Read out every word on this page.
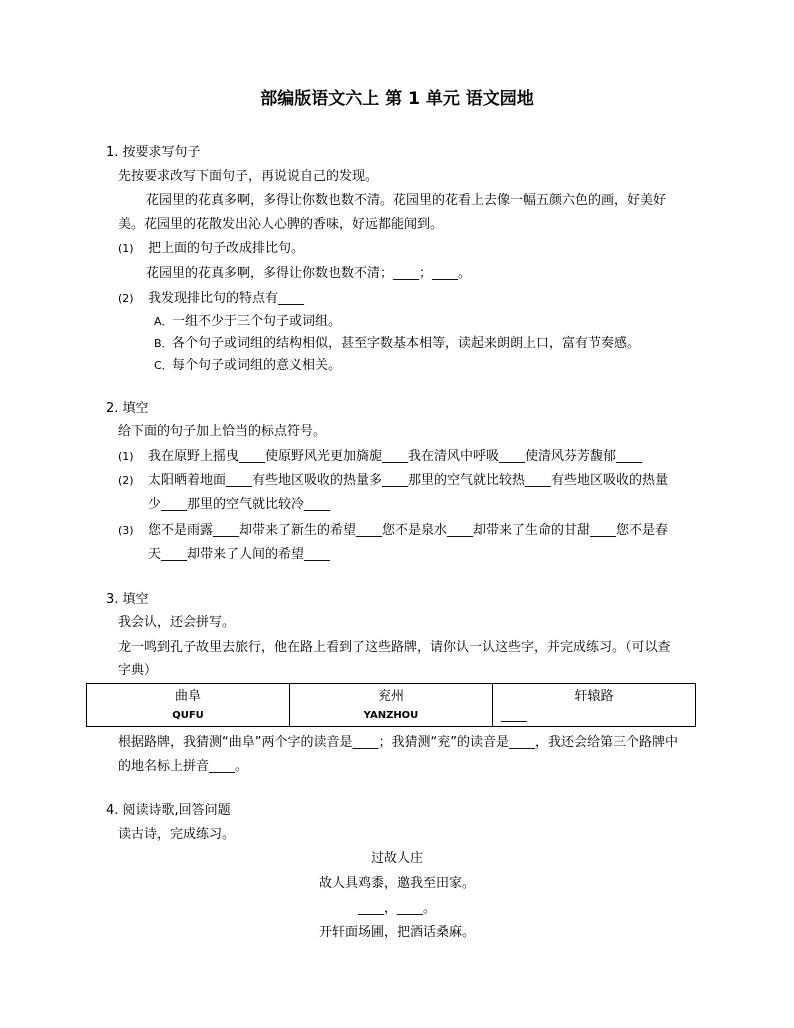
部编版语文六上 第 1 单元 语文园地
1. 按要求写句子
先按要求改写下面句子，再说说自己的发现。
花园里的花真多啊，多得让你数也数不清。花园里的花看上去像一幅五颜六色的画，好美好
美。花园里的花散发出沁人心脾的香味，好远都能闻到。
(1) 把上面的句子改成排比句。
花园里的花真多啊，多得让你数也数不清；____；____。
(2) 我发现排比句的特点有____
A．一组不少于三个句子或词组。
B．各个句子或词组的结构相似，甚至字数基本相等，读起来朗朗上口，富有节奏感。
C．每个句子或词组的意义相关。
2. 填空
给下面的句子加上恰当的标点符号。
(1) 我在原野上摇曳____使原野风光更加旖旎____我在清风中呼吸____使清风芬芳馥郁____
(2) 太阳晒着地面____有些地区吸收的热量多____那里的空气就比较热____有些地区吸收的热量
少____那里的空气就比较冷____
(3) 您不是雨露____却带来了新生的希望____您不是泉水____却带来了生命的甘甜____您不是春
天____却带来了人间的希望____
3. 填空
我会认，还会拼写。
龙一鸣到孔子故里去旅行，他在路上看到了这些路牌，请你认一认这些字，并完成练习。（可以查
字典）
曲阜
QUFU
兖州
YANZHOU
轩辕路
____
根据路牌，我猜测“曲阜”两个字的读音是____；我猜测“兖”的读音是____，我还会给第三个路牌中
的地名标上拼音____。
4. 阅读诗歌,回答问题
读古诗，完成练习。
过故人庄
故人具鸡黍，邀我至田家。
____，____。
开轩面场圃，把酒话桑麻。
